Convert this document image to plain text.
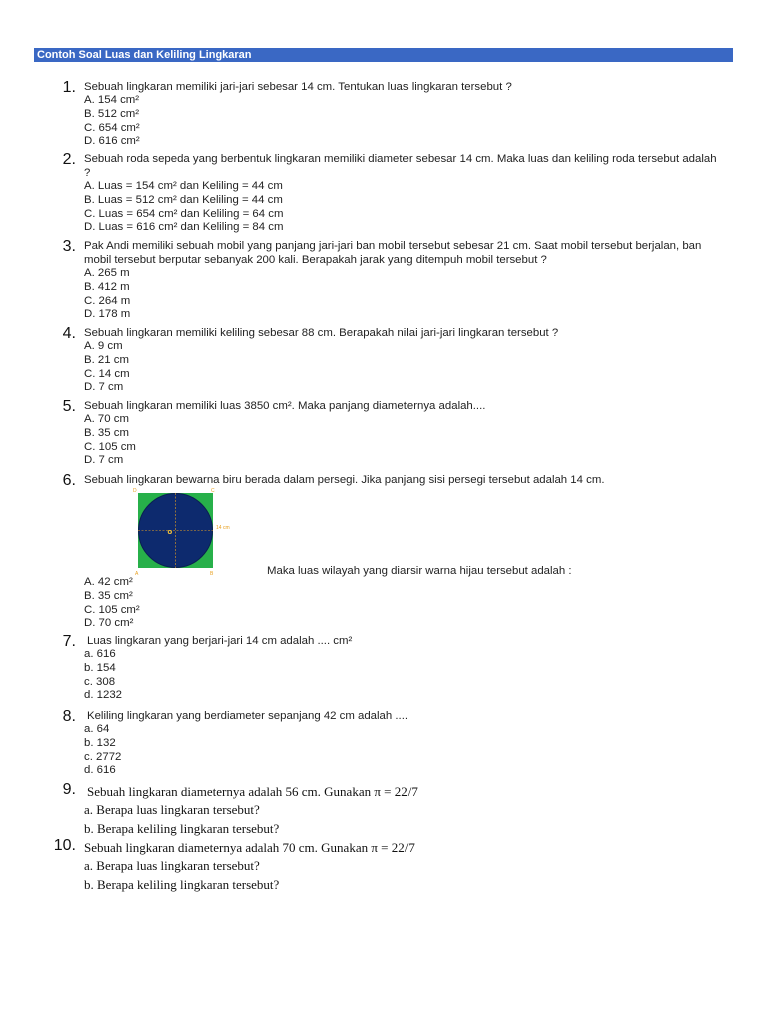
Contoh Soal Luas dan Keliling Lingkaran
1. Sebuah lingkaran memiliki jari-jari sebesar 14 cm. Tentukan luas lingkaran tersebut ?
A. 154 cm²
B. 512 cm²
C. 654 cm²
D. 616 cm²
2. Sebuah roda sepeda yang berbentuk lingkaran memiliki diameter sebesar 14 cm. Maka luas dan keliling roda tersebut adalah ?
A. Luas = 154 cm² dan Keliling = 44 cm
B. Luas = 512 cm² dan Keliling = 44 cm
C. Luas = 654 cm² dan Keliling = 64 cm
D. Luas = 616 cm² dan Keliling = 84 cm
3. Pak Andi memiliki sebuah mobil yang panjang jari-jari ban mobil tersebut sebesar 21 cm. Saat mobil tersebut berjalan, ban mobil tersebut berputar sebanyak 200 kali. Berapakah jarak yang ditempuh mobil tersebut ?
A. 265 m
B. 412 m
C. 264 m
D. 178 m
4. Sebuah lingkaran memiliki keliling sebesar 88 cm. Berapakah nilai jari-jari lingkaran tersebut ?
A. 9 cm
B. 21 cm
C. 14 cm
D. 7 cm
5. Sebuah lingkaran memiliki luas 3850 cm². Maka panjang diameternya adalah....
A. 70 cm
B. 35 cm
C. 105 cm
D. 7 cm
6. Sebuah lingkaran bewarna biru berada dalam persegi. Jika panjang sisi persegi tersebut adalah 14 cm.
D	C
A	B
O
14 cm
Maka luas wilayah yang diarsir warna hijau tersebut adalah :
A. 42 cm²
B. 35 cm²
C. 105 cm²
D. 70 cm²
7. Luas lingkaran yang berjari-jari 14 cm adalah .... cm²
a. 616
b. 154
c. 308
d. 1232
8. Keliling lingkaran yang berdiameter sepanjang 42 cm adalah ....
a. 64
b. 132
c. 2772
d. 616
9. Sebuah lingkaran diameternya adalah 56 cm. Gunakan π = 22/7
a. Berapa luas lingkaran tersebut?
b. Berapa keliling lingkaran tersebut?
10. Sebuah lingkaran diameternya adalah 70 cm. Gunakan π = 22/7
a. Berapa luas lingkaran tersebut?
b. Berapa keliling lingkaran tersebut?
